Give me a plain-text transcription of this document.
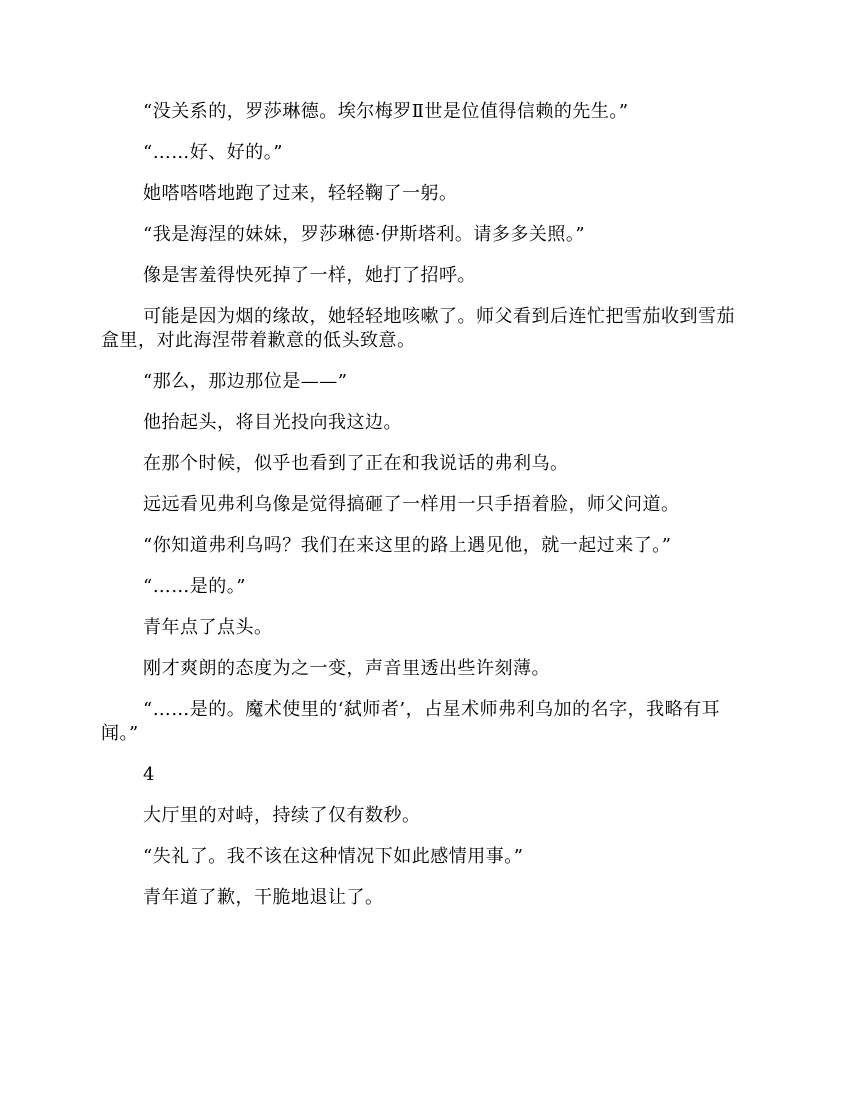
“没关系的，罗莎琳德。埃尔梅罗Ⅱ世是位值得信赖的先生。”

“……好、好的。”

她嗒嗒嗒地跑了过来，轻轻鞠了一躬。

“我是海涅的妹妹，罗莎琳德·伊斯塔利。请多多关照。”

像是害羞得快死掉了一样，她打了招呼。

可能是因为烟的缘故，她轻轻地咳嗽了。师父看到后连忙把雪茄收到雪茄盒里，对此海涅带着歉意的低头致意。

“那么，那边那位是——”

他抬起头，将目光投向我这边。

在那个时候，似乎也看到了正在和我说话的弗利乌。

远远看见弗利乌像是觉得搞砸了一样用一只手捂着脸，师父问道。

“你知道弗利乌吗？我们在来这里的路上遇见他，就一起过来了。”

“……是的。”

青年点了点头。

刚才爽朗的态度为之一变，声音里透出些许刻薄。

“……是的。魔术使里的‘弑师者’，占星术师弗利乌加的名字，我略有耳闻。”

4

大厅里的对峙，持续了仅有数秒。

“失礼了。我不该在这种情况下如此感情用事。”

青年道了歉，干脆地退让了。
